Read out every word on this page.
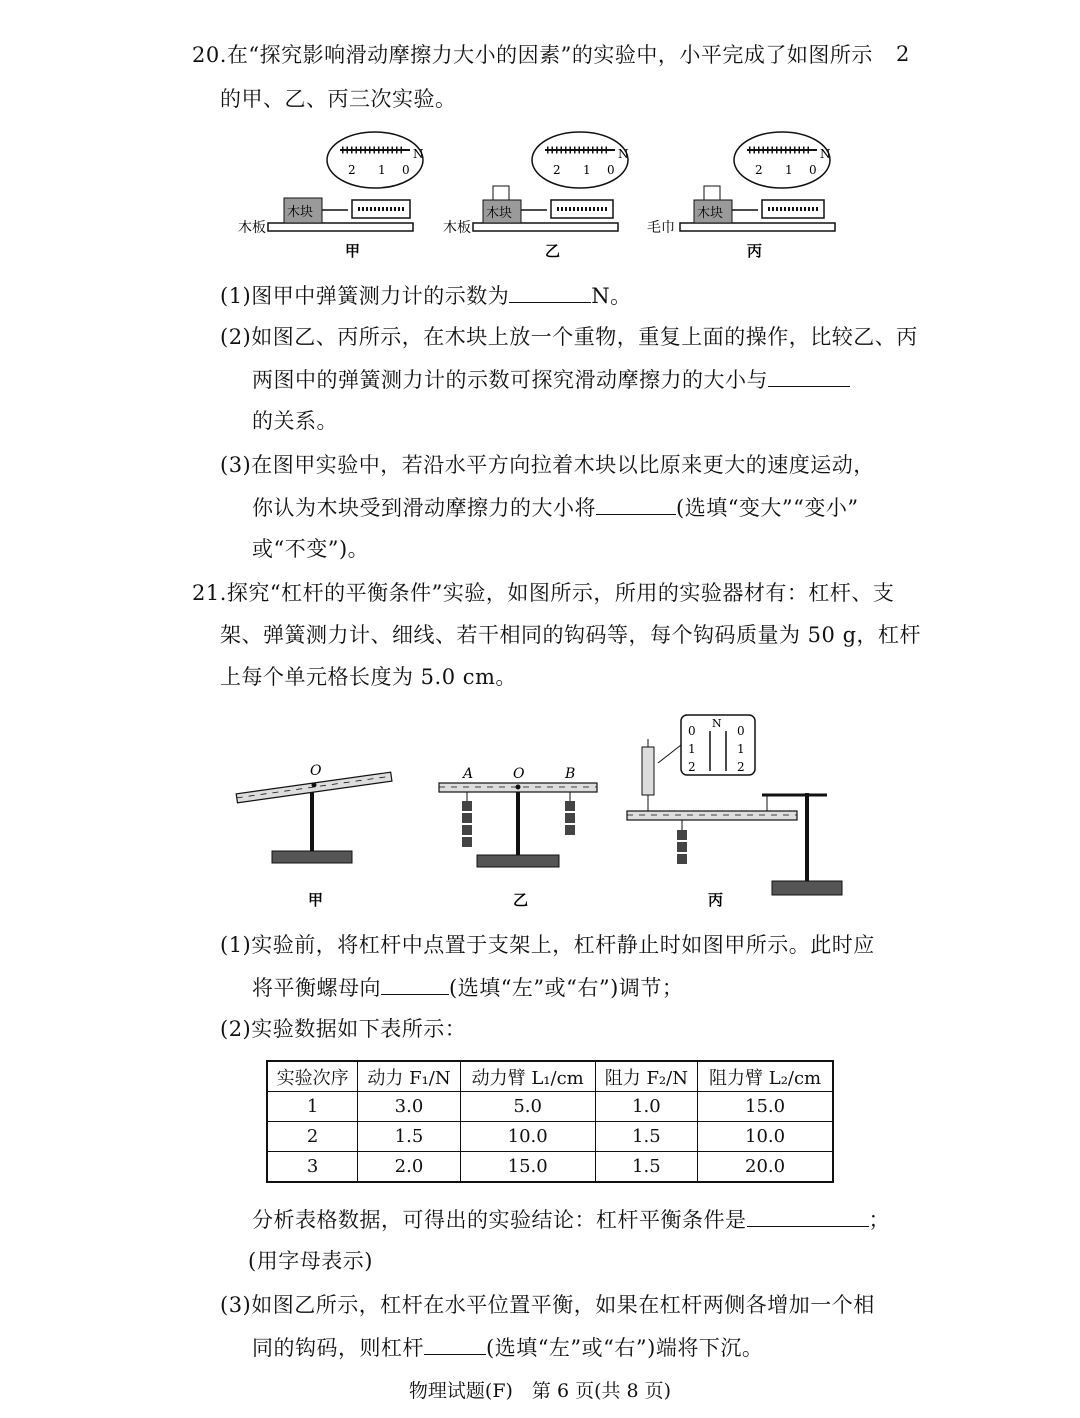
2
20.在“探究影响滑动摩擦力大小的因素”的实验中，小平完成了如图所示
的甲、乙、丙三次实验。
木板
木块
2 1 0
N
甲
木板
木块
2 1 0
N
乙
毛巾
木块
2 1 0
N
丙
(1)图甲中弹簧测力计的示数为	N。
(2)如图乙、丙所示，在木块上放一个重物，重复上面的操作，比较乙、丙
两图中的弹簧测力计的示数可探究滑动摩擦力的大小与
的关系。
(3)在图甲实验中，若沿水平方向拉着木块以比原来更大的速度运动，
你认为木块受到滑动摩擦力的大小将	(选填“变大”“变小”
或“不变”)。
21.探究“杠杆的平衡条件”实验，如图所示，所用的实验器材有：杠杆、支
架、弹簧测力计、细线、若干相同的钩码等，每个钩码质量为 50 g，杠杆
上每个单元格长度为 5.0 cm。
O
甲
O
A	B
乙
N
0
1
2
0
1
2
丙
(1)实验前，将杠杆中点置于支架上，杠杆静止时如图甲所示。此时应
将平衡螺母向	(选填“左”或“右”)调节；
(2)实验数据如下表所示：
实验次序	动力 F₁/N	动力臂 L₁/cm	阻力 F₂/N	阻力臂 L₂/cm
1	3.0	5.0	1.0	15.0
2	1.5	10.0	1.5	10.0
3	2.0	15.0	1.5	20.0
分析表格数据，可得出的实验结论：杠杆平衡条件是	；
(用字母表示)
(3)如图乙所示，杠杆在水平位置平衡，如果在杠杆两侧各增加一个相
同的钩码，则杠杆	(选填“左”或“右”)端将下沉。
物理试题(F)　第 6 页(共 8 页)
